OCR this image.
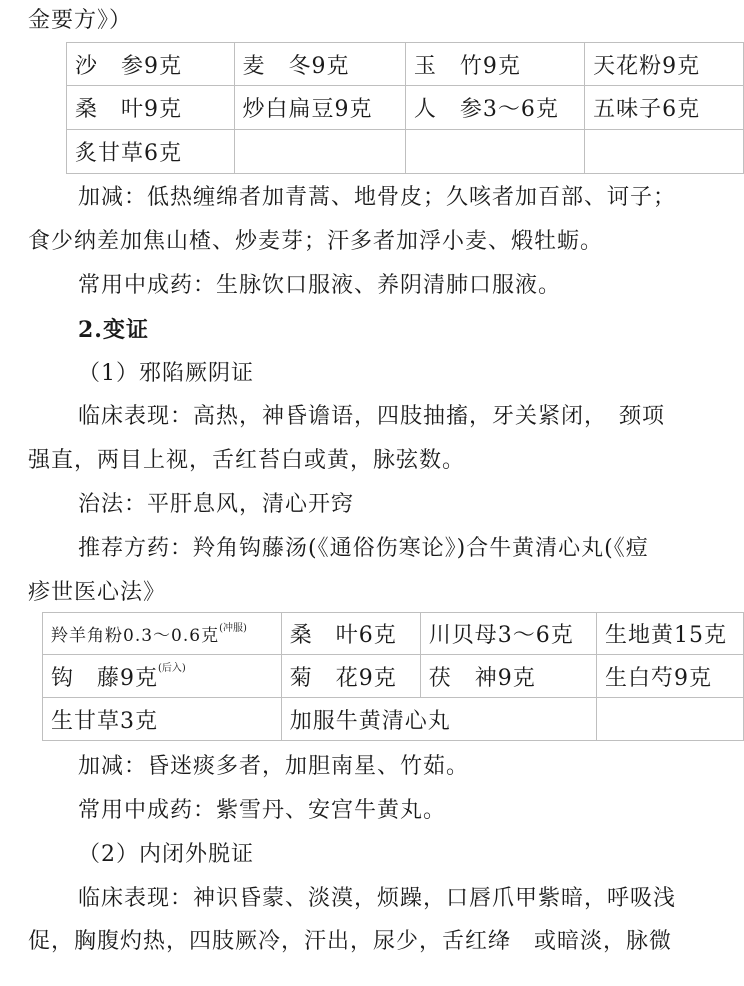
金要方》）
沙　参9克	麦　冬9克	玉　竹9克	天花粉9克
桑　叶9克	炒白扁豆9克	人　参3～6克	五味子6克
炙甘草6克			
加减：低热缠绵者加青蒿、地骨皮；久咳者加百部、诃子；
食少纳差加焦山楂、炒麦芽；汗多者加浮小麦、煅牡蛎。
常用中成药：生脉饮口服液、养阴清肺口服液。
2.变证
（1）邪陷厥阴证
临床表现：高热，神昏谵语，四肢抽搐，牙关紧闭，　颈项
强直，两目上视，舌红苔白或黄，脉弦数。
治法：平肝息风，清心开窍
推荐方药：羚角钩藤汤(《通俗伤寒论》)合牛黄清心丸(《痘
疹世医心法》
羚羊角粉0.3～0.6克$^{(冲服)}$	桑　叶6克	川贝母3～6克	生地黄15克
钩　藤9克$^{(后入)}$	菊　花9克	茯　神9克	生白芍9克
生甘草3克	加服牛黄清心丸		
加减：昏迷痰多者，加胆南星、竹茹。
常用中成药：紫雪丹、安宫牛黄丸。
（2）内闭外脱证
临床表现：神识昏蒙、淡漠，烦躁，口唇爪甲紫暗，呼吸浅
促，胸腹灼热，四肢厥冷，汗出，尿少，舌红绛　或暗淡，脉微
